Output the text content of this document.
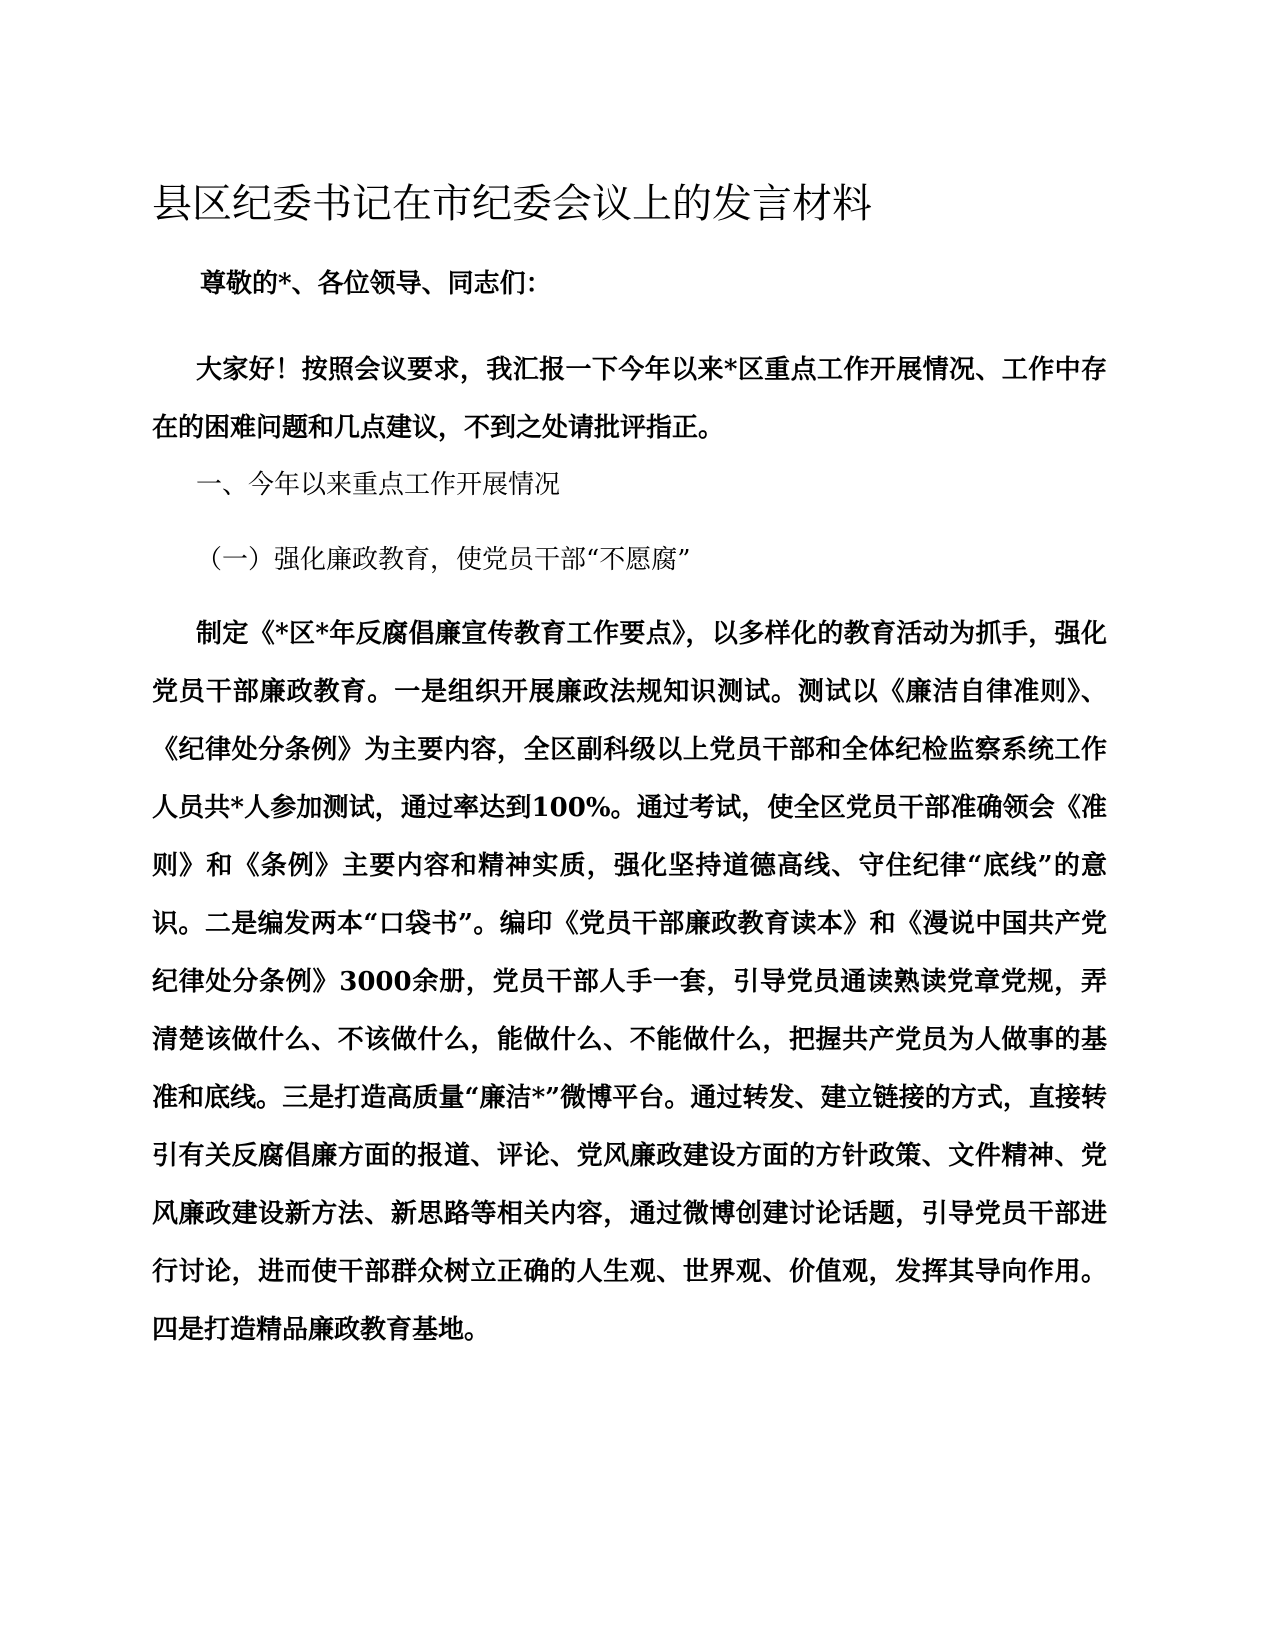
县区纪委书记在市纪委会议上的发言材料
尊敬的*、各位领导、同志们：

大家好！按照会议要求，我汇报一下今年以来*区重点工作开展情况、工作中存在的困难问题和几点建议，不到之处请批评指正。

一、今年以来重点工作开展情况
（一）强化廉政教育，使党员干部“不愿腐”

制定《*区*年反腐倡廉宣传教育工作要点》，以多样化的教育活动为抓手，强化党员干部廉政教育。一是组织开展廉政法规知识测试。测试以《廉洁自律准则》、《纪律处分条例》为主要内容，全区副科级以上党员干部和全体纪检监察系统工作人员共*人参加测试，通过率达到100%。通过考试，使全区党员干部准确领会《准则》和《条例》主要内容和精神实质，强化坚持道德高线、守住纪律“底线”的意识。二是编发两本“口袋书”。编印《党员干部廉政教育读本》和《漫说中国共产党纪律处分条例》3000余册，党员干部人手一套，引导党员通读熟读党章党规，弄清楚该做什么、不该做什么，能做什么、不能做什么，把握共产党员为人做事的基准和底线。三是打造高质量“廉洁*”微博平台。通过转发、建立链接的方式，直接转引有关反腐倡廉方面的报道、评论、党风廉政建设方面的方针政策、文件精神、党风廉政建设新方法、新思路等相关内容，通过微博创建讨论话题，引导党员干部进行讨论，进而使干部群众树立正确的人生观、世界观、价值观，发挥其导向作用。四是打造精品廉政教育基地。
